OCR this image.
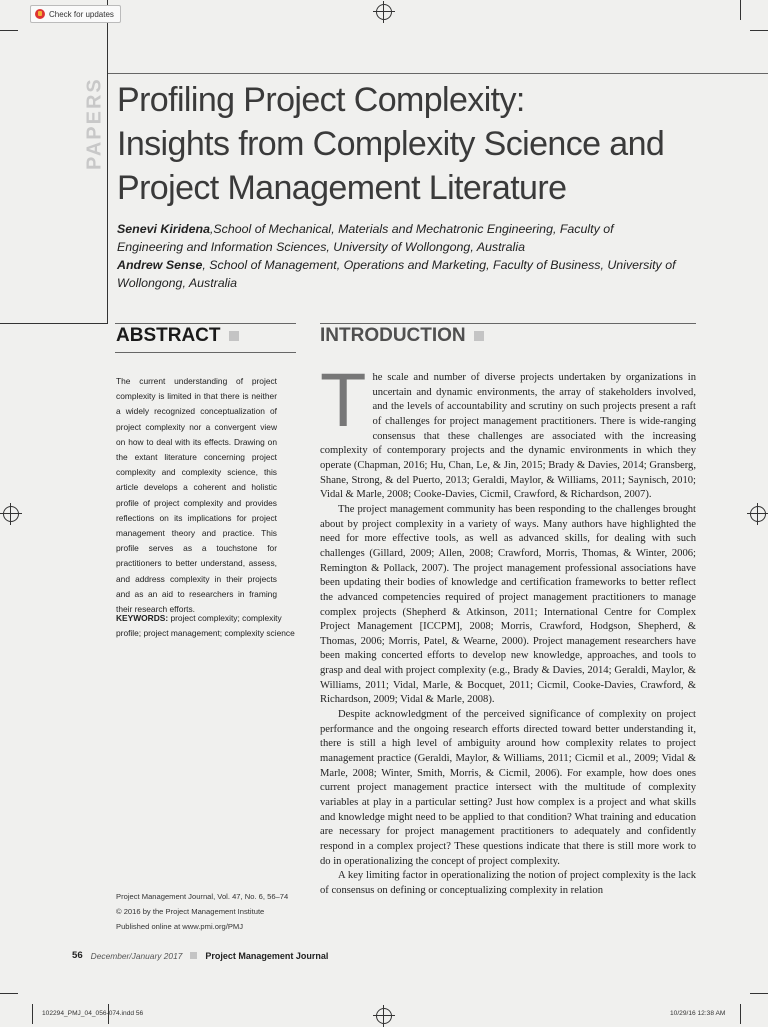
Check for updates
PAPERS Profiling Project Complexity:
Insights from Complexity Science and
Project Management Literature
Senevi Kiridena,School of Mechanical, Materials and Mechatronic Engineering, Faculty of Engineering and Information Sciences, University of Wollongong, Australia
Andrew Sense, School of Management, Operations and Marketing, Faculty of Business, University of Wollongong, Australia
ABSTRACT

The current understanding of project complexity is limited in that there is neither a widely recognized conceptualization of project complexity nor a convergent view on how to deal with its effects. Drawing on the extant literature concerning project complexity and complexity science, this article develops a coherent and holistic profile of project complexity and provides reflections on its implications for project management theory and practice. This profile serves as a touchstone for practitioners to better understand, assess, and address complexity in their projects and as an aid to researchers in framing their research efforts.

KEYWORDS: project complexity; complexity profile; project management; complexity science
Project Management Journal, Vol. 47, No. 6, 56–74
© 2016 by the Project Management Institute
Published online at www.pmi.org/PMJ
INTRODUCTION

The scale and number of diverse projects undertaken by organizations in uncertain and dynamic environments, the array of stakeholders involved, and the levels of accountability and scrutiny on such projects present a raft of challenges for project management practitioners. There is wide-ranging consensus that these challenges are associated with the increasing complexity of contemporary projects and the dynamic environments in which they operate (Chapman, 2016; Hu, Chan, Le, & Jin, 2015; Brady & Davies, 2014; Gransberg, Shane, Strong, & del Puerto, 2013; Geraldi, Maylor, & Williams, 2011; Saynisch, 2010; Vidal & Marle, 2008; Cooke-Davies, Cicmil, Crawford, & Richardson, 2007).

The project management community has been responding to the challenges brought about by project complexity in a variety of ways. Many authors have highlighted the need for more effective tools, as well as advanced skills, for dealing with such challenges (Gillard, 2009; Allen, 2008; Crawford, Morris, Thomas, & Winter, 2006; Remington & Pollack, 2007). The project management professional associations have been updating their bodies of knowledge and certification frameworks to better reflect the advanced competencies required of project management practitioners to manage complex projects (Shepherd & Atkinson, 2011; International Centre for Complex Project Management [ICCPM], 2008; Morris, Crawford, Hodgson, Shepherd, & Thomas, 2006; Morris, Patel, & Wearne, 2000). Project management researchers have been making concerted efforts to develop new knowledge, approaches, and tools to grasp and deal with project complexity (e.g., Brady & Davies, 2014; Geraldi, Maylor, & Williams, 2011; Vidal, Marle, & Bocquet, 2011; Cicmil, Cooke-Davies, Crawford, & Richardson, 2009; Vidal & Marle, 2008).

Despite acknowledgment of the perceived significance of complexity on project performance and the ongoing research efforts directed toward better understanding it, there is still a high level of ambiguity around how complexity relates to project management practice (Geraldi, Maylor, & Williams, 2011; Cicmil et al., 2009; Vidal & Marle, 2008; Winter, Smith, Morris, & Cicmil, 2006). For example, how does ones current project management practice intersect with the multitude of complexity variables at play in a particular setting? Just how complex is a project and what skills and knowledge might need to be applied to that condition? What training and education are necessary for project management practitioners to adequately and confidently respond in a complex project? These questions indicate that there is still more work to do in operationalizing the concept of project complexity.

A key limiting factor in operationalizing the notion of project complexity is the lack of consensus on defining or conceptualizing complexity in relation

56 December/January 2017	Project Management Journal
102294_PMJ_04_056-074.indd 56	10/29/16 12:38 AM
